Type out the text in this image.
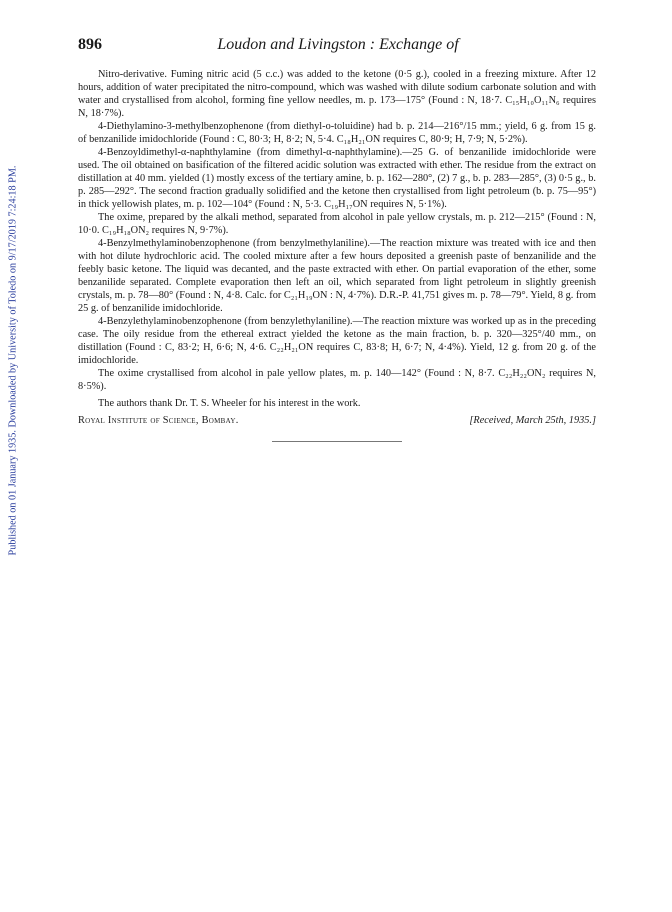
Published on 01 January 1935. Downloaded by University of Toledo on 9/17/2019 7:24:18 PM.
896	Loudon and Livingston : Exchange of

Nitro-derivative. Fuming nitric acid (5 c.c.) was added to the ketone (0·5 g.), cooled in a freezing mixture. After 12 hours, addition of water precipitated the nitro-compound, which was washed with dilute sodium carbonate solution and with water and crystallised from alcohol, forming fine yellow needles, m. p. 173—175° (Found : N, 18·7. C₁₅H₁₀O₁₁N₆ requires N, 18·7%).

4-Diethylamino-3-methylbenzophenone (from diethyl-o-toluidine) had b. p. 214—216°/15 mm.; yield, 6 g. from 15 g. of benzanilide imidochloride (Found : C, 80·3; H, 8·2; N, 5·4. C₁₈H₂₁ON requires C, 80·9; H, 7·9; N, 5·2%).

4-Benzoyldimethyl-α-naphthylamine (from dimethyl-α-naphthylamine).—25 G. of benzanilide imidochloride were used. The oil obtained on basification of the filtered acidic solution was extracted with ether. The residue from the extract on distillation at 40 mm. yielded (1) mostly excess of the tertiary amine, b. p. 162—280°, (2) 7 g., b. p. 283—285°, (3) 0·5 g., b. p. 285—292°. The second fraction gradually solidified and the ketone then crystallised from light petroleum (b. p. 75—95°) in thick yellowish plates, m. p. 102—104° (Found : N, 5·3. C₁₉H₁₇ON requires N, 5·1%).

The oxime, prepared by the alkali method, separated from alcohol in pale yellow crystals, m. p. 212—215° (Found : N, 10·0. C₁₉H₁₈ON₂ requires N, 9·7%).

4-Benzylmethylaminobenzophenone (from benzylmethylaniline).—The reaction mixture was treated with ice and then with hot dilute hydrochloric acid. The cooled mixture after a few hours deposited a greenish paste of benzanilide and the feebly basic ketone. The liquid was decanted, and the paste extracted with ether. On partial evaporation of the ether, some benzanilide separated. Complete evaporation then left an oil, which separated from light petroleum in slightly greenish crystals, m. p. 78—80° (Found : N, 4·8. Calc. for C₂₁H₁₉ON : N, 4·7%). D.R.-P. 41,751 gives m. p. 78—79°. Yield, 8 g. from 25 g. of benzanilide imidochloride.

4-Benzylethylaminobenzophenone (from benzylethylaniline).—The reaction mixture was worked up as in the preceding case. The oily residue from the ethereal extract yielded the ketone as the main fraction, b. p. 320—325°/40 mm., on distillation (Found : C, 83·2; H, 6·6; N, 4·6. C₂₂H₂₁ON requires C, 83·8; H, 6·7; N, 4·4%). Yield, 12 g. from 20 g. of the imidochloride.

The oxime crystallised from alcohol in pale yellow plates, m. p. 140—142° (Found : N, 8·7. C₂₂H₂₂ON₂ requires N, 8·5%).

The authors thank Dr. T. S. Wheeler for his interest in the work.

Royal Institute of Science, Bombay.	[Received, March 25th, 1935.]
